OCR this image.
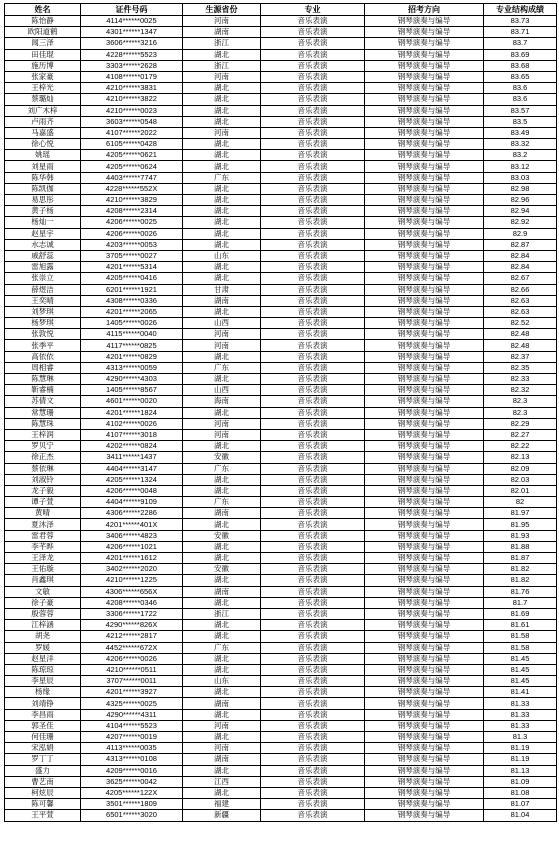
姓名	证件号码	生源省份	专业	招考方向	专业结构成绩
陈怡静	4114******0025	河南	音乐表演	钢琴演奏与编导	83.73
欧阳道鹤	4301******1347	湖南	音乐表演	钢琴演奏与编导	83.71
闻三泽	3606******3216	浙江	音乐表演	钢琴演奏与编导	83.7
田佳琨	4228******5523	湖北	音乐表演	钢琴演奏与编导	83.69
施历博	3303******2628	浙江	音乐表演	钢琴演奏与编导	83.68
张家豪	4108******0179	河南	音乐表演	钢琴演奏与编导	83.65
王梓光	4210******3831	湖北	音乐表演	钢琴演奏与编导	83.6
蔡璐灿	4210******3822	湖北	音乐表演	钢琴演奏与编导	83.6
刘广木梓	4210******0023	湖北	音乐表演	钢琴演奏与编导	83.57
卢雨齐	3603******0548	湖北	音乐表演	钢琴演奏与编导	83.5
马嘉盛	4107******2022	河南	音乐表演	钢琴演奏与编导	83.49
徐心悦	6105******0428	湖北	音乐表演	钢琴演奏与编导	83.32
姚瑶	4205******0621	湖北	音乐表演	钢琴演奏与编导	83.2
刘星雨	4205******0624	湖北	音乐表演	钢琴演奏与编导	83.12
陈华韩	4403******7747	广东	音乐表演	钢琴演奏与编导	83.03
陈凯伽	4228******552X	湖北	音乐表演	钢琴演奏与编导	82.98
易思彤	4210******3829	湖北	音乐表演	钢琴演奏与编导	82.96
黄子杨	4208******2314	湖北	音乐表演	钢琴演奏与编导	82.94
杨灿一	4206******0025	湖北	音乐表演	钢琴演奏与编导	82.92
赵星宇	4206******0026	湖北	音乐表演	钢琴演奏与编导	82.9
水志诚	4203******0053	湖北	音乐表演	钢琴演奏与编导	82.87
戚舒蕊	3705******0027	山东	音乐表演	钢琴演奏与编导	82.84
雷旭露	4201******5314	湖北	音乐表演	钢琴演奏与编导	82.84
张崇立	4205******0416	湖北	音乐表演	钢琴演奏与编导	82.67
薛煜洁	6201******1921	甘肃	音乐表演	钢琴演奏与编导	82.66
王奕晴	4308******0336	湖南	音乐表演	钢琴演奏与编导	82.63
刘梦琪	4201******2065	湖北	音乐表演	钢琴演奏与编导	82.63
杨梦琪	1405******0026	山西	音乐表演	钢琴演奏与编导	82.52
张敦悦	4115******0040	河南	音乐表演	钢琴演奏与编导	82.48
张季平	4117******0825	河南	音乐表演	钢琴演奏与编导	82.48
高依依	4201******0829	湖北	音乐表演	钢琴演奏与编导	82.37
周相睿	4313******0059	广东	音乐表演	钢琴演奏与编导	82.35
陈慧琳	4290******4303	湖北	音乐表演	钢琴演奏与编导	82.33
靳睿楠	1405******8567	山西	音乐表演	钢琴演奏与编导	82.32
苏倩文	4601******0020	海南	音乐表演	钢琴演奏与编导	82.3
常慧珊	4201******1824	湖北	音乐表演	钢琴演奏与编导	82.3
陈慧珠	4102******0026	河南	音乐表演	钢琴演奏与编导	82.29
王梓润	4107******3018	河南	音乐表演	钢琴演奏与编导	82.27
罗贝宁	4202******0824	湖北	音乐表演	钢琴演奏与编导	82.22
徐正杰	3411******1437	安徽	音乐表演	钢琴演奏与编导	82.13
蔡依琳	4404******3147	广东	音乐表演	钢琴演奏与编导	82.09
刘淑铃	4205******1324	湖北	音乐表演	钢琴演奏与编导	82.03
龙子毅	4206******0048	湖北	音乐表演	钢琴演奏与编导	82.01
谭子萱	4404******9109	广东	音乐表演	钢琴演奏与编导	82
黄晴	4306******2286	湖南	音乐表演	钢琴演奏与编导	81.97
夏沐泽	4201******401X	湖北	音乐表演	钢琴演奏与编导	81.95
雷君蓉	3406******4823	安徽	音乐表演	钢琴演奏与编导	81.93
李芊晔	4206******1021	湖北	音乐表演	钢琴演奏与编导	81.88
王泽龙	4201******1612	湖北	音乐表演	钢琴演奏与编导	81.87
王佑璇	3402******2020	安徽	音乐表演	钢琴演奏与编导	81.82
肖鑫琪	4210******1225	湖北	音乐表演	钢琴演奏与编导	81.82
文敏	4306******656X	湖南	音乐表演	钢琴演奏与编导	81.76
徐子豪	4208******0346	湖北	音乐表演	钢琴演奏与编导	81.7
殷蓉蓉	3306******1722	浙江	音乐表演	钢琴演奏与编导	81.69
江梓涵	4290******826X	湖北	音乐表演	钢琴演奏与编导	81.61
胡尧	4212******2817	湖北	音乐表演	钢琴演奏与编导	81.58
罗媛	4452******672X	广东	音乐表演	钢琴演奏与编导	81.58
赵星洋	4206******0026	湖北	音乐表演	钢琴演奏与编导	81.45
陈琼琼	4210******0511	湖北	音乐表演	钢琴演奏与编导	81.45
李星辰	3707******0011	山东	音乐表演	钢琴演奏与编导	81.45
杨缘	4201******3927	湖北	音乐表演	钢琴演奏与编导	81.41
刘靖铮	4325******0025	湖南	音乐表演	钢琴演奏与编导	81.33
李昌雨	4290******4311	湖北	音乐表演	钢琴演奏与编导	81.33
郭圣佳	4104******5523	河南	音乐表演	钢琴演奏与编导	81.33
何佳珊	4207******0019	湖北	音乐表演	钢琴演奏与编导	81.3
宋泓娟	4113******0035	河南	音乐表演	钢琴演奏与编导	81.19
罗丁丁	4313******0108	湖南	音乐表演	钢琴演奏与编导	81.19
盛力	4209******0016	湖北	音乐表演	钢琴演奏与编导	81.13
曹艺南	3625******0042	江西	音乐表演	钢琴演奏与编导	81.09
柯炫辰	4205******122X	湖北	音乐表演	钢琴演奏与编导	81.08
陈可馨	3501******1809	福建	音乐表演	钢琴演奏与编导	81.07
王平萱	6501******3020	新疆	音乐表演	钢琴演奏与编导	81.04
